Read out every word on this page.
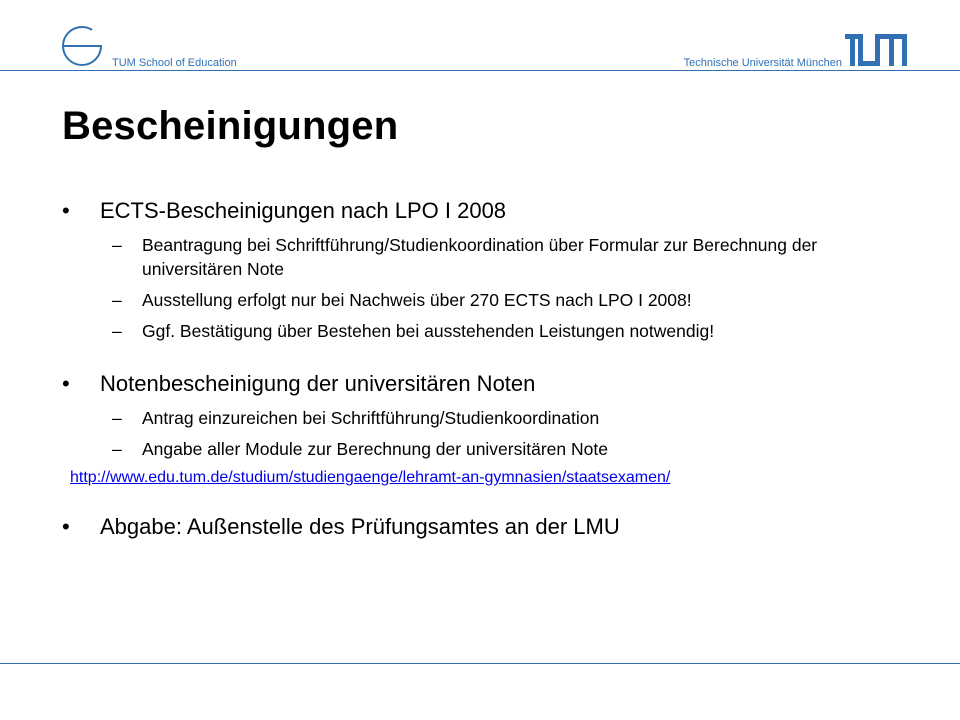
TUM School of Education	Technische Universität München
Bescheinigungen
• ECTS-Bescheinigungen nach LPO I 2008
– Beantragung bei Schriftführung/Studienkoordination über Formular zur Berechnung der universitären Note
– Ausstellung erfolgt nur bei Nachweis über 270 ECTS nach LPO I 2008!
– Ggf. Bestätigung über Bestehen bei ausstehenden Leistungen notwendig!
• Notenbescheinigung der universitären Noten
– Antrag einzureichen bei Schriftführung/Studienkoordination
– Angabe aller Module zur Berechnung der universitären Note
http://www.edu.tum.de/studium/studiengaenge/lehramt-an-gymnasien/staatsexamen/
• Abgabe: Außenstelle des Prüfungsamtes an der LMU
